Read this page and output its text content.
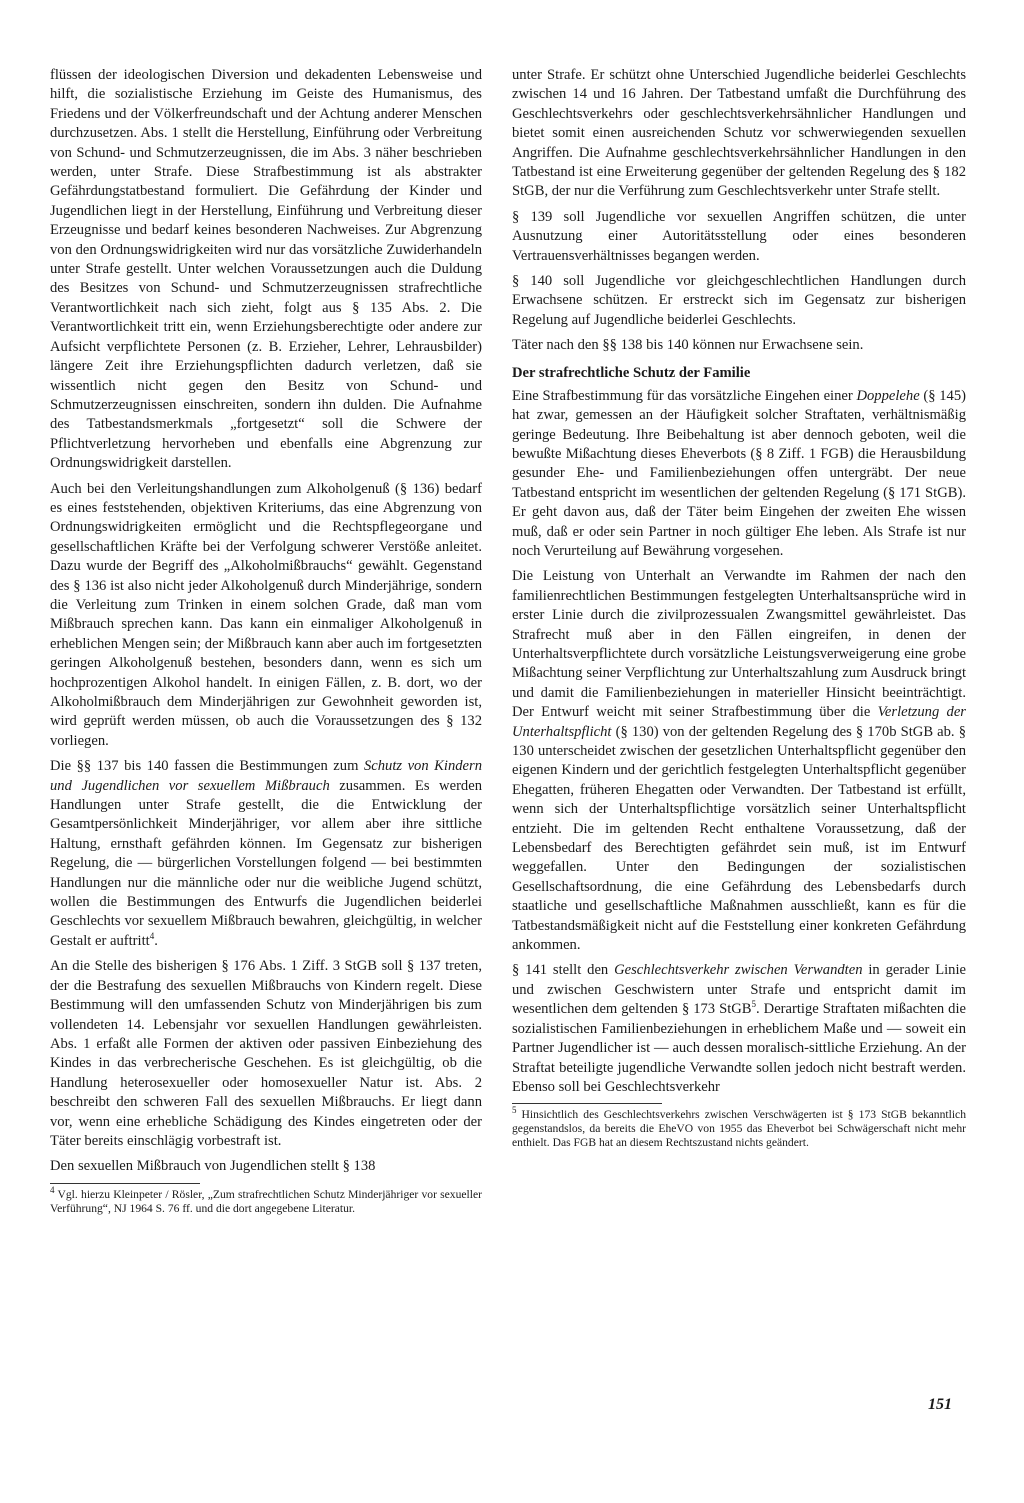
flüssen der ideologischen Diversion und dekadenten Lebensweise und hilft, die sozialistische Erziehung im Geiste des Humanismus, des Friedens und der Völkerfreundschaft und der Achtung anderer Menschen durchzusetzen. Abs. 1 stellt die Herstellung, Einführung oder Verbreitung von Schund- und Schmutzerzeugnissen, die im Abs. 3 näher beschrieben werden, unter Strafe. Diese Strafbestimmung ist als abstrakter Gefährdungstatbestand formuliert. Die Gefährdung der Kinder und Jugendlichen liegt in der Herstellung, Einführung und Verbreitung dieser Erzeugnisse und bedarf keines besonderen Nachweises. Zur Abgrenzung von den Ordnungswidrigkeiten wird nur das vorsätzliche Zuwiderhandeln unter Strafe gestellt. Unter welchen Voraussetzungen auch die Duldung des Besitzes von Schund- und Schmutzerzeugnissen strafrechtliche Verantwortlichkeit nach sich zieht, folgt aus § 135 Abs. 2. Die Verantwortlichkeit tritt ein, wenn Erziehungsberechtigte oder andere zur Aufsicht verpflichtete Personen (z. B. Erzieher, Lehrer, Lehrausbilder) längere Zeit ihre Erziehungspflichten dadurch verletzen, daß sie wissentlich nicht gegen den Besitz von Schund- und Schmutzerzeugnissen einschreiten, sondern ihn dulden. Die Aufnahme des Tatbestandsmerkmals „fortgesetzt“ soll die Schwere der Pflichtverletzung hervorheben und ebenfalls eine Abgrenzung zur Ordnungswidrigkeit darstellen.

Auch bei den Verleitungshandlungen zum Alkoholgenuß (§ 136) bedarf es eines feststehenden, objektiven Kriteriums, das eine Abgrenzung von Ordnungswidrigkeiten ermöglicht und die Rechtspflegeorgane und gesellschaftlichen Kräfte bei der Verfolgung schwerer Verstöße anleitet. Dazu wurde der Begriff des „Alkoholmißbrauchs“ gewählt. Gegenstand des § 136 ist also nicht jeder Alkoholgenuß durch Minderjährige, sondern die Verleitung zum Trinken in einem solchen Grade, daß man vom Mißbrauch sprechen kann. Das kann ein einmaliger Alkoholgenuß in erheblichen Mengen sein; der Mißbrauch kann aber auch im fortgesetzten geringen Alkoholgenuß bestehen, besonders dann, wenn es sich um hochprozentigen Alkohol handelt. In einigen Fällen, z. B. dort, wo der Alkoholmißbrauch dem Minderjährigen zur Gewohnheit geworden ist, wird geprüft werden müssen, ob auch die Voraussetzungen des § 132 vorliegen.

Die §§ 137 bis 140 fassen die Bestimmungen zum Schutz von Kindern und Jugendlichen vor sexuellem Mißbrauch zusammen. Es werden Handlungen unter Strafe gestellt, die die Entwicklung der Gesamtpersönlichkeit Minderjähriger, vor allem aber ihre sittliche Haltung, ernsthaft gefährden können. Im Gegensatz zur bisherigen Regelung, die — bürgerlichen Vorstellungen folgend — bei bestimmten Handlungen nur die männliche oder nur die weibliche Jugend schützt, wollen die Bestimmungen des Entwurfs die Jugendlichen beiderlei Geschlechts vor sexuellem Mißbrauch bewahren, gleichgültig, in welcher Gestalt er auftritt$^4$.

An die Stelle des bisherigen § 176 Abs. 1 Ziff. 3 StGB soll § 137 treten, der die Bestrafung des sexuellen Mißbrauchs von Kindern regelt. Diese Bestimmung will den umfassenden Schutz von Minderjährigen bis zum vollendeten 14. Lebensjahr vor sexuellen Handlungen gewährleisten. Abs. 1 erfaßt alle Formen der aktiven oder passiven Einbeziehung des Kindes in das verbrecherische Geschehen. Es ist gleichgültig, ob die Handlung heterosexueller oder homosexueller Natur ist. Abs. 2 beschreibt den schweren Fall des sexuellen Mißbrauchs. Er liegt dann vor, wenn eine erhebliche Schädigung des Kindes eingetreten oder der Täter bereits einschlägig vorbestraft ist.

Den sexuellen Mißbrauch von Jugendlichen stellt § 138

$^4$ Vgl. hierzu Kleinpeter / Rösler, „Zum strafrechtlichen Schutz Minderjähriger vor sexueller Verführung“, NJ 1964 S. 76 ff. und die dort angegebene Literatur.

unter Strafe. Er schützt ohne Unterschied Jugendliche beiderlei Geschlechts zwischen 14 und 16 Jahren. Der Tatbestand umfaßt die Durchführung des Geschlechtsverkehrs oder geschlechtsverkehrsähnlicher Handlungen und bietet somit einen ausreichenden Schutz vor schwerwiegenden sexuellen Angriffen. Die Aufnahme geschlechtsverkehrsähnlicher Handlungen in den Tatbestand ist eine Erweiterung gegenüber der geltenden Regelung des § 182 StGB, der nur die Verführung zum Geschlechtsverkehr unter Strafe stellt.

§ 139 soll Jugendliche vor sexuellen Angriffen schützen, die unter Ausnutzung einer Autoritätsstellung oder eines besonderen Vertrauensverhältnisses begangen werden.

§ 140 soll Jugendliche vor gleichgeschlechtlichen Handlungen durch Erwachsene schützen. Er erstreckt sich im Gegensatz zur bisherigen Regelung auf Jugendliche beiderlei Geschlechts.

Täter nach den §§ 138 bis 140 können nur Erwachsene sein.

Der strafrechtliche Schutz der Familie

Eine Strafbestimmung für das vorsätzliche Eingehen einer Doppelehe (§ 145) hat zwar, gemessen an der Häufigkeit solcher Straftaten, verhältnismäßig geringe Bedeutung. Ihre Beibehaltung ist aber dennoch geboten, weil die bewußte Mißachtung dieses Eheverbots (§ 8 Ziff. 1 FGB) die Herausbildung gesunder Ehe- und Familienbeziehungen offen untergräbt. Der neue Tatbestand entspricht im wesentlichen der geltenden Regelung (§ 171 StGB). Er geht davon aus, daß der Täter beim Eingehen der zweiten Ehe wissen muß, daß er oder sein Partner in noch gültiger Ehe leben. Als Strafe ist nur noch Verurteilung auf Bewährung vorgesehen.

Die Leistung von Unterhalt an Verwandte im Rahmen der nach den familienrechtlichen Bestimmungen festgelegten Unterhaltsansprüche wird in erster Linie durch die zivilprozessualen Zwangsmittel gewährleistet. Das Strafrecht muß aber in den Fällen eingreifen, in denen der Unterhaltsverpflichtete durch vorsätzliche Leistungsverweigerung eine grobe Mißachtung seiner Verpflichtung zur Unterhaltszahlung zum Ausdruck bringt und damit die Familienbeziehungen in materieller Hinsicht beeinträchtigt. Der Entwurf weicht mit seiner Strafbestimmung über die Verletzung der Unterhaltspflicht (§ 130) von der geltenden Regelung des § 170b StGB ab. § 130 unterscheidet zwischen der gesetzlichen Unterhaltspflicht gegenüber den eigenen Kindern und der gerichtlich festgelegten Unterhaltspflicht gegenüber Ehegatten, früheren Ehegatten oder Verwandten. Der Tatbestand ist erfüllt, wenn sich der Unterhaltspflichtige vorsätzlich seiner Unterhaltspflicht entzieht. Die im geltenden Recht enthaltene Voraussetzung, daß der Lebensbedarf des Berechtigten gefährdet sein muß, ist im Entwurf weggefallen. Unter den Bedingungen der sozialistischen Gesellschaftsordnung, die eine Gefährdung des Lebensbedarfs durch staatliche und gesellschaftliche Maßnahmen ausschließt, kann es für die Tatbestandsmäßigkeit nicht auf die Feststellung einer konkreten Gefährdung ankommen.

§ 141 stellt den Geschlechtsverkehr zwischen Verwandten in gerader Linie und zwischen Geschwistern unter Strafe und entspricht damit im wesentlichen dem geltenden § 173 StGB$^5$. Derartige Straftaten mißachten die sozialistischen Familienbeziehungen in erheblichem Maße und — soweit ein Partner Jugendlicher ist — auch dessen moralisch-sittliche Erziehung. An der Straftat beteiligte jugendliche Verwandte sollen jedoch nicht bestraft werden. Ebenso soll bei Geschlechtsverkehr

$^5$ Hinsichtlich des Geschlechtsverkehrs zwischen Verschwägerten ist § 173 StGB bekanntlich gegenstandslos, da bereits die EheVO von 1955 das Eheverbot bei Schwägerschaft nicht mehr enthielt. Das FGB hat an diesem Rechtszustand nichts geändert.

151
